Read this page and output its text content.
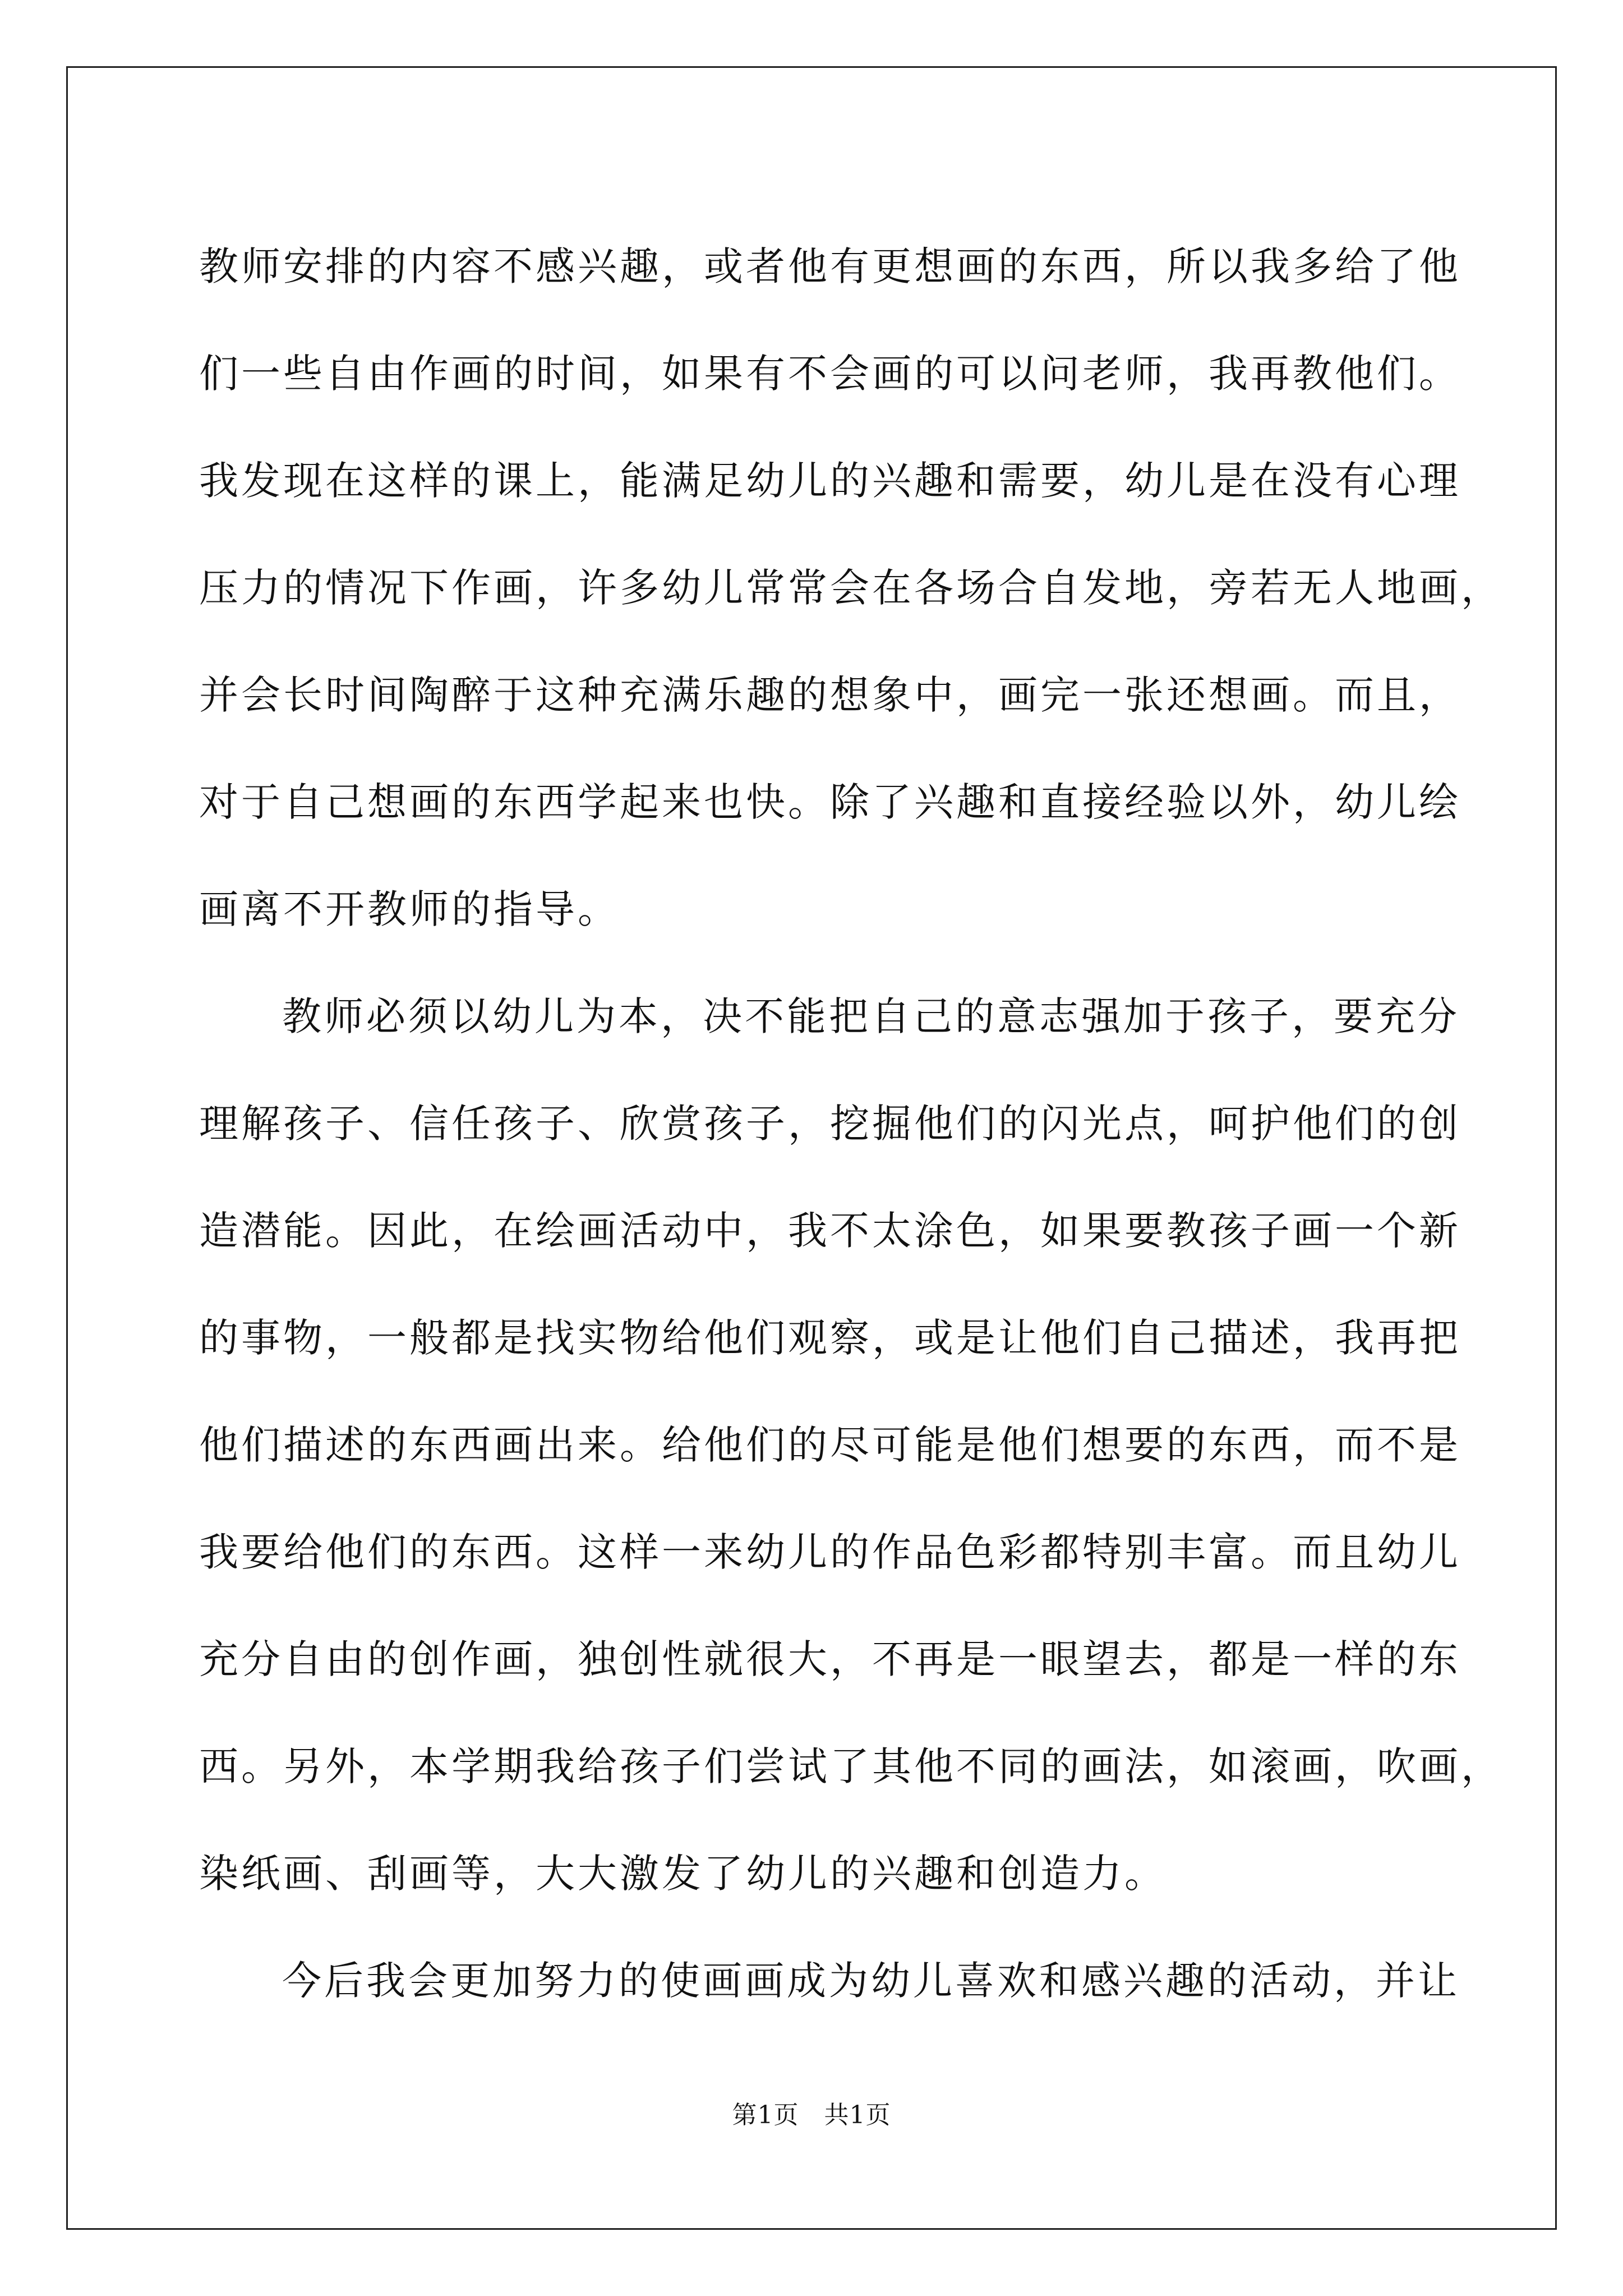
教师安排的内容不感兴趣，或者他有更想画的东西，所以我多给了他
们一些自由作画的时间，如果有不会画的可以问老师，我再教他们。
我发现在这样的课上，能满足幼儿的兴趣和需要，幼儿是在没有心理
压力的情况下作画，许多幼儿常常会在各场合自发地，旁若无人地画，
并会长时间陶醉于这种充满乐趣的想象中，画完一张还想画。而且，
对于自己想画的东西学起来也快。除了兴趣和直接经验以外，幼儿绘
画离不开教师的指导。
教师必须以幼儿为本，决不能把自己的意志强加于孩子，要充分
理解孩子、信任孩子、欣赏孩子，挖掘他们的闪光点，呵护他们的创
造潜能。因此，在绘画活动中，我不太涂色，如果要教孩子画一个新
的事物，一般都是找实物给他们观察，或是让他们自己描述，我再把
他们描述的东西画出来。给他们的尽可能是他们想要的东西，而不是
我要给他们的东西。这样一来幼儿的作品色彩都特别丰富。而且幼儿
充分自由的创作画，独创性就很大，不再是一眼望去，都是一样的东
西。另外，本学期我给孩子们尝试了其他不同的画法，如滚画，吹画，
染纸画、刮画等，大大激发了幼儿的兴趣和创造力。
今后我会更加努力的使画画成为幼儿喜欢和感兴趣的活动，并让
第1页　共1页
